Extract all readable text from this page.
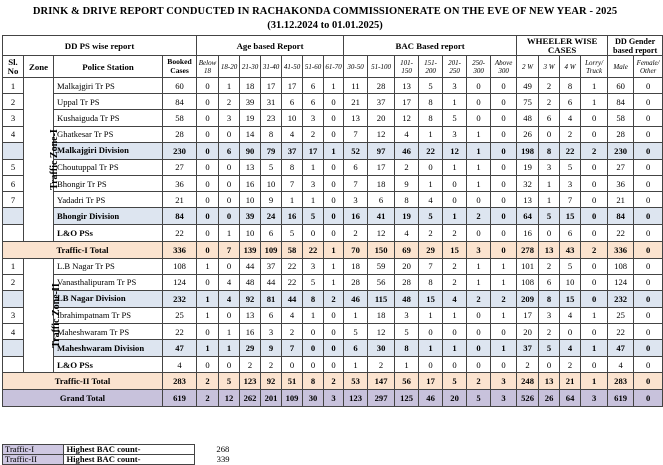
DRINK & DRIVE REPORT CONDUCTED IN RACHAKONDA COMMISSIONERATE ON THE EVE OF NEW YEAR - 2025
(31.12.2024 to 01.01.2025)
DD PS wise report				Age based Report							BAC Based report							WHEELER WISE CASES				DD Gender based report	
Sl. No	Zone	Police Station	Booked Cases	Below 18	18-20	21-30	31-40	41-50	51-60	61-70	30-50	51-100	101-150	151-200	201-250	250-300	Above 300	2 W	3 W	4 W	Lorry/ Truck	Male	Female/ Other
1	Traffic Zone-I	Malkajgiri Tr PS	60	0	1	18	17	17	6	1	11	28	13	5	3	0	0	49	2	8	1	60	0
2		Uppal Tr PS	84	0	2	39	31	6	6	0	21	37	17	8	1	0	0	75	2	6	1	84	0
3		Kushaiguda Tr PS	58	0	3	19	23	10	3	0	13	20	12	8	5	0	0	48	6	4	0	58	0
4		Ghatkesar Tr PS	28	0	0	14	8	4	2	0	7	12	4	1	3	1	0	26	0	2	0	28	0
		Malkajgiri Division	230	0	6	90	79	37	17	1	52	97	46	22	12	1	0	198	8	22	2	230	0
5		Choutuppal Tr PS	27	0	0	13	5	8	1	0	6	17	2	0	1	1	0	19	3	5	0	27	0
6		Bhongir Tr PS	36	0	0	16	10	7	3	0	7	18	9	1	0	1	0	32	1	3	0	36	0
7		Yadadri Tr PS	21	0	0	10	9	1	1	0	3	6	8	4	0	0	0	13	1	7	0	21	0
		Bhongir Division	84	0	0	39	24	16	5	0	16	41	19	5	1	2	0	64	5	15	0	84	0
		L&O PSs	22	0	1	10	6	5	0	0	2	12	4	2	2	0	0	16	0	6	0	22	0
Traffic-I Total			336	0	7	139	109	58	22	1	70	150	69	29	15	3	0	278	13	43	2	336	0
1	Traffic Zone-II	L.B Nagar Tr PS	108	1	0	44	37	22	3	1	18	59	20	7	2	1	1	101	2	5	0	108	0
2		Vanasthalipuram Tr PS	124	0	4	48	44	22	5	1	28	56	28	8	2	1	1	108	6	10	0	124	0
		LB Nagar Division	232	1	4	92	81	44	8	2	46	115	48	15	4	2	2	209	8	15	0	232	0
3		Ibrahimpatnam Tr PS	25	1	0	13	6	4	1	0	1	18	3	1	1	0	1	17	3	4	1	25	0
4		Maheshwaram Tr PS	22	0	1	16	3	2	0	0	5	12	5	0	0	0	0	20	2	0	0	22	0
		Maheshwaram Division	47	1	1	29	9	7	0	0	6	30	8	1	1	0	1	37	5	4	1	47	0
		L&O PSs	4	0	0	2	2	0	0	0	1	2	1	0	0	0	0	2	0	2	0	4	0
Traffic-II Total			283	2	5	123	92	51	8	2	53	147	56	17	5	2	3	248	13	21	1	283	0
Grand Total			619	2	12	262	201	109	30	3	123	297	125	46	20	5	3	526	26	64	3	619	0
Traffic-I	Highest BAC count-	268
Traffic-II	Highest BAC count-	339
